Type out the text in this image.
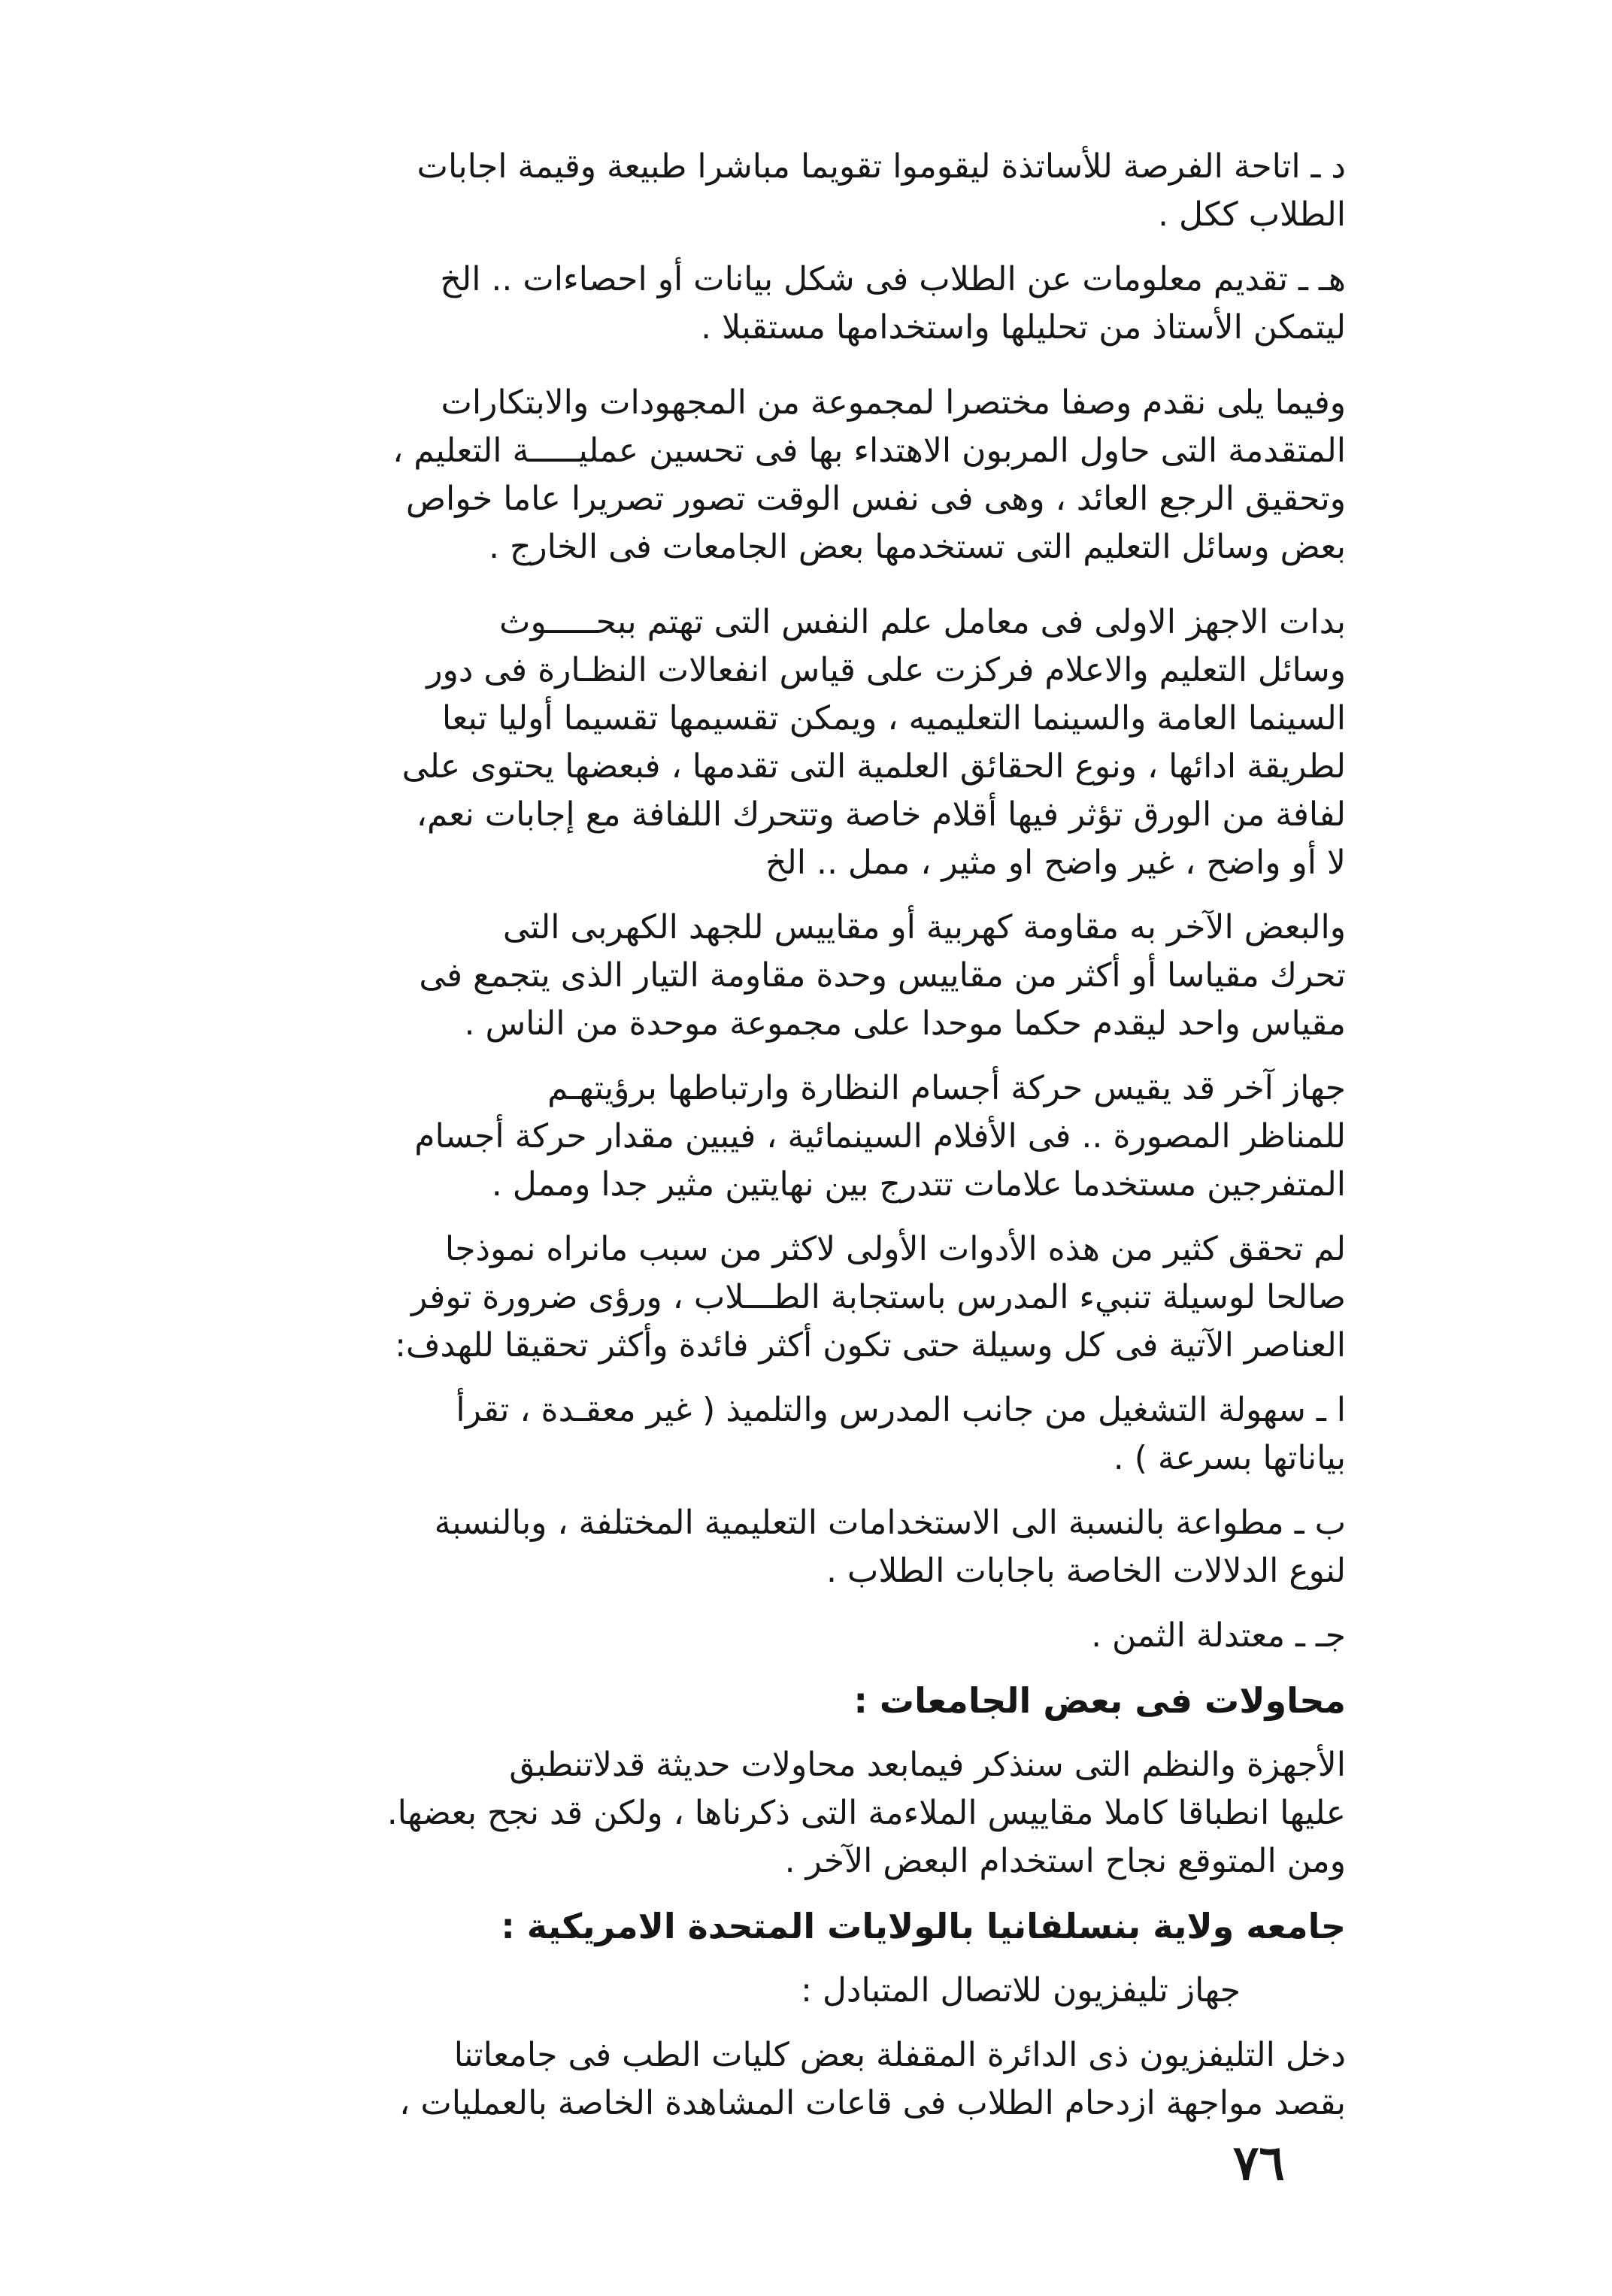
د ـ اتاحة الفرصة للأساتذة ليقوموا تقويما مباشرا طبيعة وقيمة اجابات
الطلاب ككل .

هـ ـ تقديم معلومات عن الطلاب فى شكل بيانات أو احصاءات .. الخ
ليتمكن الأستاذ من تحليلها واستخدامها مستقبلا .

وفيما يلى نقدم وصفا مختصرا لمجموعة من المجهودات والابتكارات
المتقدمة التى حاول المربون الاهتداء بها فى تحسين عمليـــــة التعليم ،
وتحقيق الرجع العائد ، وهى فى نفس الوقت تصور تصريرا عاما خواص
بعض وسائل التعليم التى تستخدمها بعض الجامعات فى الخارج .

بدات الاجهز الاولى فى معامل علم النفس التى تهتم ببحـــــوث
وسائل التعليم والاعلام فركزت على قياس انفعالات النظـارة فى دور
السينما العامة والسينما التعليميه ، ويمكن تقسيمها تقسيما أوليا تبعا
لطريقة ادائها ، ونوع الحقائق العلمية التى تقدمها ، فبعضها يحتوى على
لفافة من الورق تؤثر فيها أقلام خاصة وتتحرك اللفافة مع إجابات نعم،
لا أو واضح ، غير واضح او مثير ، ممل .. الخ

والبعض الآخر به مقاومة كهربية أو مقاييس للجهد الكهربى التى
تحرك مقياسا أو أكثر من مقاييس وحدة مقاومة التيار الذى يتجمع فى
مقياس واحد ليقدم حكما موحدا على مجموعة موحدة من الناس .

جهاز آخر قد يقيس حركة أجسام النظارة وارتباطها برؤيتهـم
للمناظر المصورة .. فى الأفلام السينمائية ، فيبين مقدار حركة أجسام
المتفرجين مستخدما علامات تتدرج بين نهايتين مثير جدا وممل .

لم تحقق كثير من هذه الأدوات الأولى لاكثر من سبب مانراه نموذجا
صالحا لوسيلة تنبيء المدرس باستجابة الطـــلاب ، ورؤى ضرورة توفر
العناصر الآتية فى كل وسيلة حتى تكون أكثر فائدة وأكثر تحقيقا للهدف:

ا ـ سهولة التشغيل من جانب المدرس والتلميذ ( غير معقـدة ، تقرأ
بياناتها بسرعة ) .

ب ـ مطواعة بالنسبة الى الاستخدامات التعليمية المختلفة ، وبالنسبة
لنوع الدلالات الخاصة باجابات الطلاب .

جـ ـ معتدلة الثمن .

محاولات فى بعض الجامعات :

الأجهزة والنظم التى سنذكر فيمابعد محاولات حديثة قدلاتنطبق
عليها انطباقا كاملا مقاييس الملاءمة التى ذكرناها ، ولكن قد نجح بعضها.
ومن المتوقع نجاح استخدام البعض الآخر .

جامعه ولاية بنسلفانيا بالولايات المتحدة الامريكية :

جهاز تليفزيون للاتصال المتبادل :

دخل التليفزيون ذى الدائرة المقفلة بعض كليات الطب فى جامعاتنا
بقصد مواجهة ازدحام الطلاب فى قاعات المشاهدة الخاصة بالعمليات ،

٧٦
